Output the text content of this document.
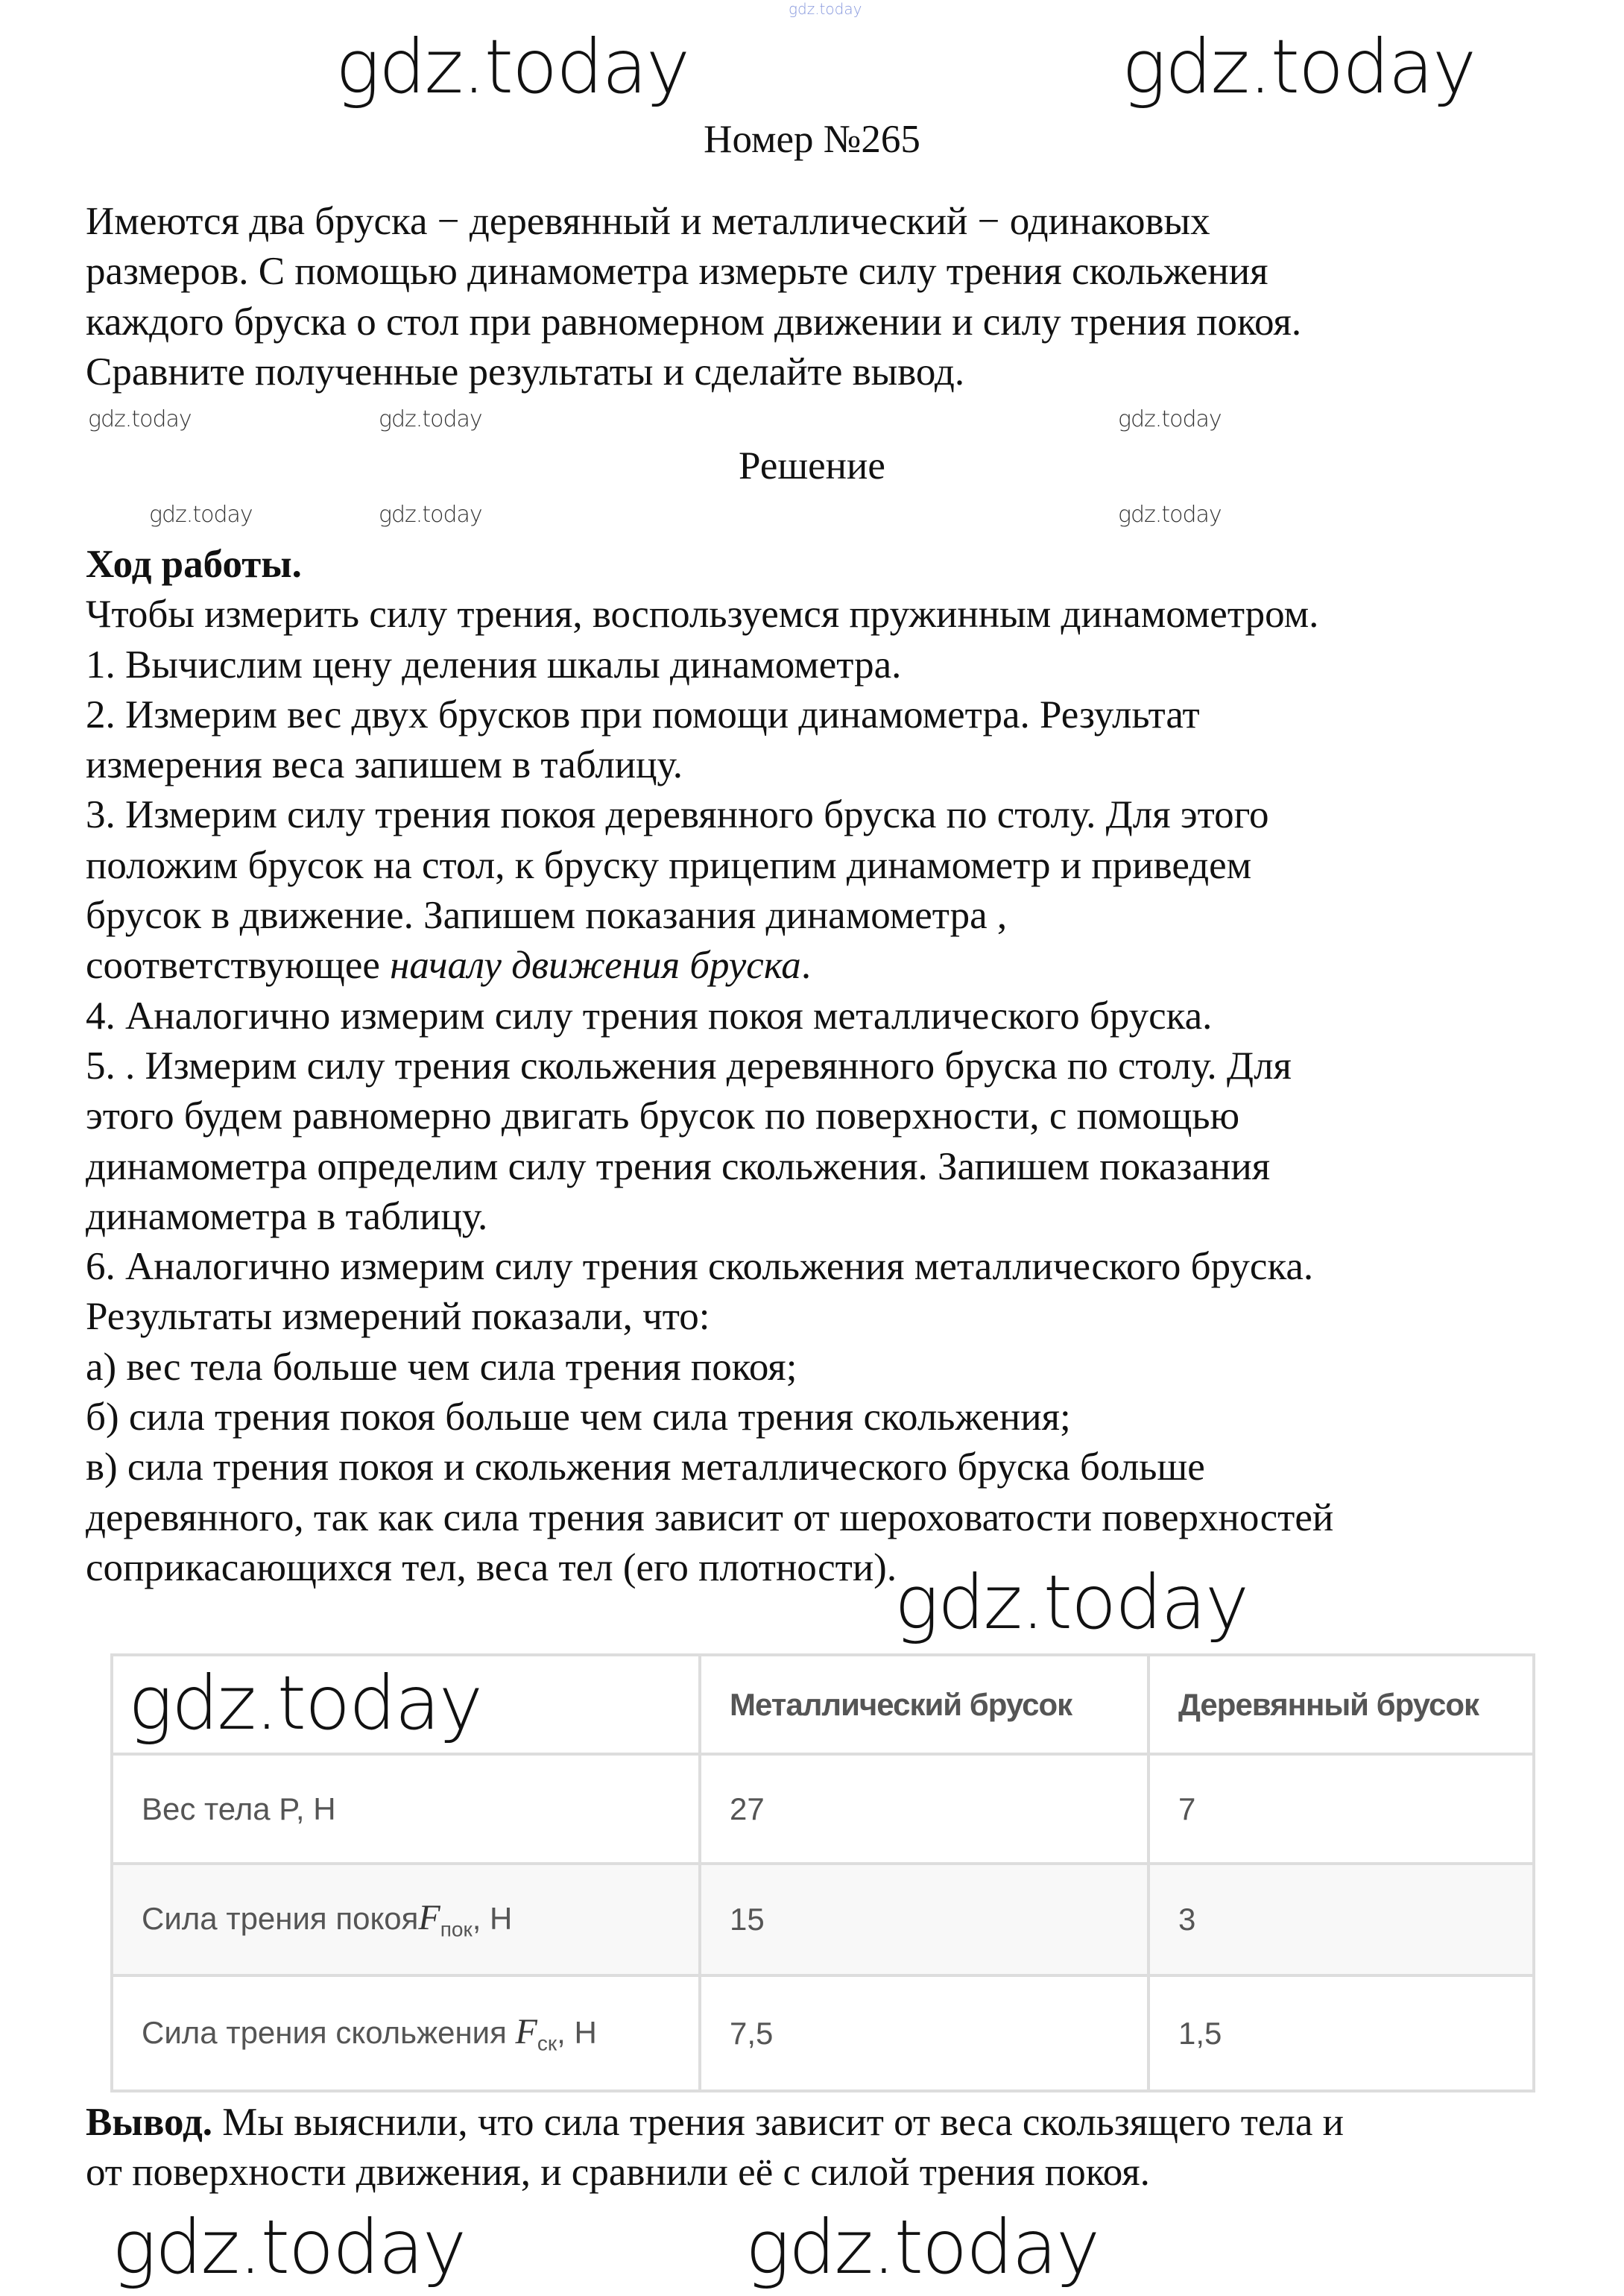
gdz.today
Номер №265
Имеются два бруска − деревянный и металлический − одинаковых
размеров. С помощью динамометра измерьте силу трения скольжения
каждого бруска о стол при равномерном движении и силу трения покоя.
Сравните полученные результаты и сделайте вывод.
Решение
Ход работы.
Чтобы измерить силу трения, воспользуемся пружинным динамометром.
1. Вычислим цену деления шкалы динамометра.
2. Измерим вес двух брусков при помощи динамометра. Результат
измерения веса запишем в таблицу.
3. Измерим силу трения покоя деревянного бруска по столу. Для этого
положим брусок на стол, к бруску прицепим динамометр и приведем
брусок в движение. Запишем показания динамометра ,
соответствующее началу движения бруска.
4. Аналогично измерим силу трения покоя металлического бруска.
5. . Измерим силу трения скольжения деревянного бруска по столу. Для
этого будем равномерно двигать брусок по поверхности, с помощью
динамометра определим силу трения скольжения. Запишем показания
динамометра в таблицу.
6. Аналогично измерим силу трения скольжения металлического бруска.
Результаты измерений показали, что:
а) вес тела больше чем сила трения покоя;
б) сила трения покоя больше чем сила трения скольжения;
в) сила трения покоя и скольжения металлического бруска больше
деревянного, так как сила трения зависит от шероховатости поверхностей
соприкасающихся тел, веса тел (его плотности).
	Металлический брусок	Деревянный брусок
Вес тела P, Н	27	7
Сила трения покояF$_{пок}$, Н	15	3
Сила трения скольжения $F_{ск}$, Н	7,5	1,5
Вывод. Мы выяснили, что сила трения зависит от веса скользящего тела и
от поверхности движения, и сравнили её с силой трения покоя.
gdz.today	gdz.today
gdz.today
gdz.today
gdz.today	gdz.today
gdz.today	gdz.today	gdz.today
gdz.today	gdz.today	gdz.today
